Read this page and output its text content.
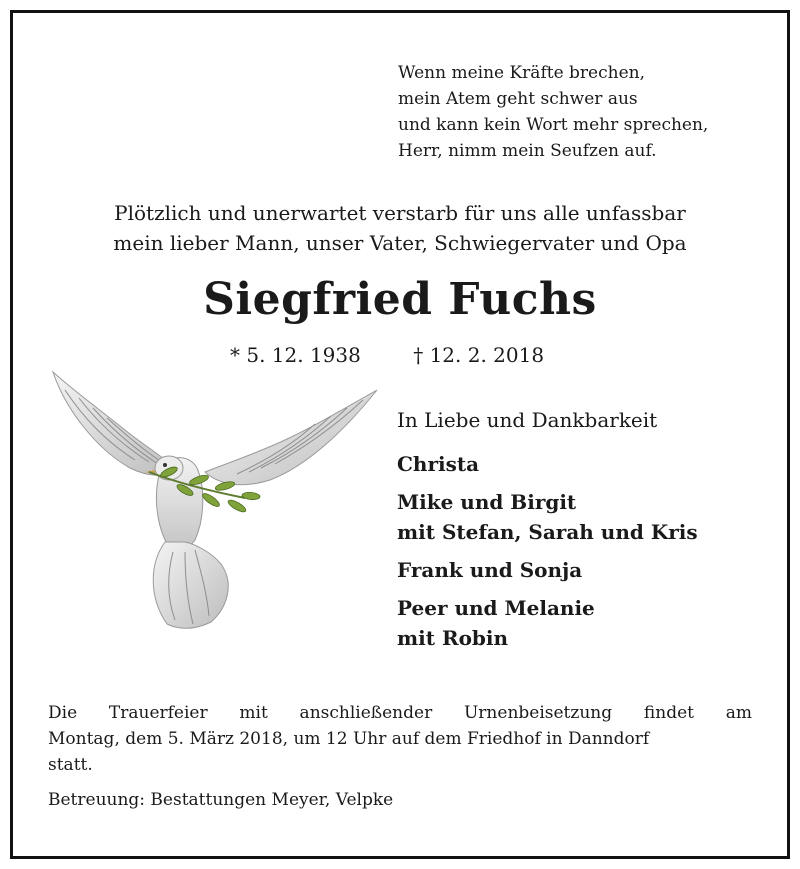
Wenn meine Kräfte brechen,
mein Atem geht schwer aus
und kann kein Wort mehr sprechen,
Herr, nimm mein Seufzen auf.
Plötzlich und unerwartet verstarb für uns alle unfassbar
mein lieber Mann, unser Vater, Schwiegervater und Opa
Siegfried Fuchs
* 5. 12. 1938	† 12. 2. 2018
In Liebe und Dankbarkeit
Christa
Mike und Birgit
mit Stefan, Sarah und Kris
Frank und Sonja
Peer und Melanie
mit Robin
Die Trauerfeier mit anschließender Urnenbeisetzung findet am
Montag, dem 5. März 2018, um 12 Uhr auf dem Friedhof in Danndorf
statt.
Betreuung: Bestattungen Meyer, Velpke
